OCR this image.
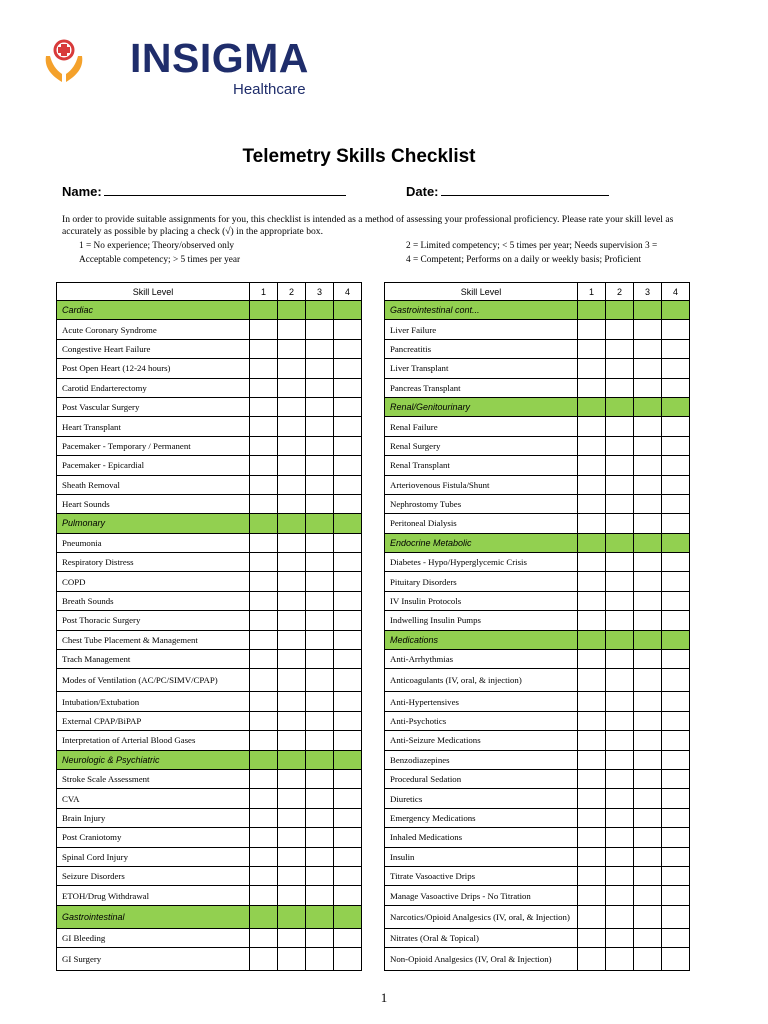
INSIGMA
Healthcare
Telemetry Skills Checklist
Name:	Date:
In order to provide suitable assignments for you, this checklist is intended as a method of assessing your professional proficiency. Please rate your skill level as accurately as possible by placing a check (√) in the appropriate box.
1 = No experience; Theory/observed only
Acceptable competency; > 5 times per year
2 = Limited competency; < 5 times per year; Needs supervision 3 =
4 = Competent; Performs on a daily or weekly basis; Proficient
Skill Level	1	2	3	4
Cardiac				
Acute Coronary Syndrome				
Congestive Heart Failure				
Post Open Heart (12-24 hours)				
Carotid Endarterectomy				
Post Vascular Surgery				
Heart Transplant				
Pacemaker - Temporary / Permanent				
Pacemaker - Epicardial				
Sheath Removal				
Heart Sounds				
Pulmonary				
Pneumonia				
Respiratory Distress				
COPD				
Breath Sounds				
Post Thoracic Surgery				
Chest Tube Placement & Management				
Trach Management				
Modes of Ventilation (AC/PC/SIMV/CPAP)				
Intubation/Extubation				
External CPAP/BiPAP				
Interpretation of Arterial Blood Gases				
Neurologic & Psychiatric				
Stroke Scale Assessment				
CVA				
Brain Injury				
Post Craniotomy				
Spinal Cord Injury				
Seizure Disorders				
ETOH/Drug Withdrawal				
Gastrointestinal				
GI Bleeding				
GI Surgery				
Skill Level	1	2	3	4
Gastrointestinal cont...				
Liver Failure				
Pancreatitis				
Liver Transplant				
Pancreas Transplant				
Renal/Genitourinary				
Renal Failure				
Renal Surgery				
Renal Transplant				
Arteriovenous Fistula/Shunt				
Nephrostomy Tubes				
Peritoneal Dialysis				
Endocrine Metabolic				
Diabetes - Hypo/Hyperglycemic Crisis				
Pituitary Disorders				
IV Insulin Protocols				
Indwelling Insulin Pumps				
Medications				
Anti-Arrhythmias				
Anticoagulants (IV, oral, & injection)				
Anti-Hypertensives				
Anti-Psychotics				
Anti-Seizure Medications				
Benzodiazepines				
Procedural Sedation				
Diuretics				
Emergency Medications				
Inhaled Medications				
Insulin				
Titrate Vasoactive Drips				
Manage Vasoactive Drips - No Titration				
Narcotics/Opioid Analgesics (IV, oral, & Injection)				
Nitrates (Oral & Topical)				
Non-Opioid Analgesics (IV, Oral & Injection)				
1
